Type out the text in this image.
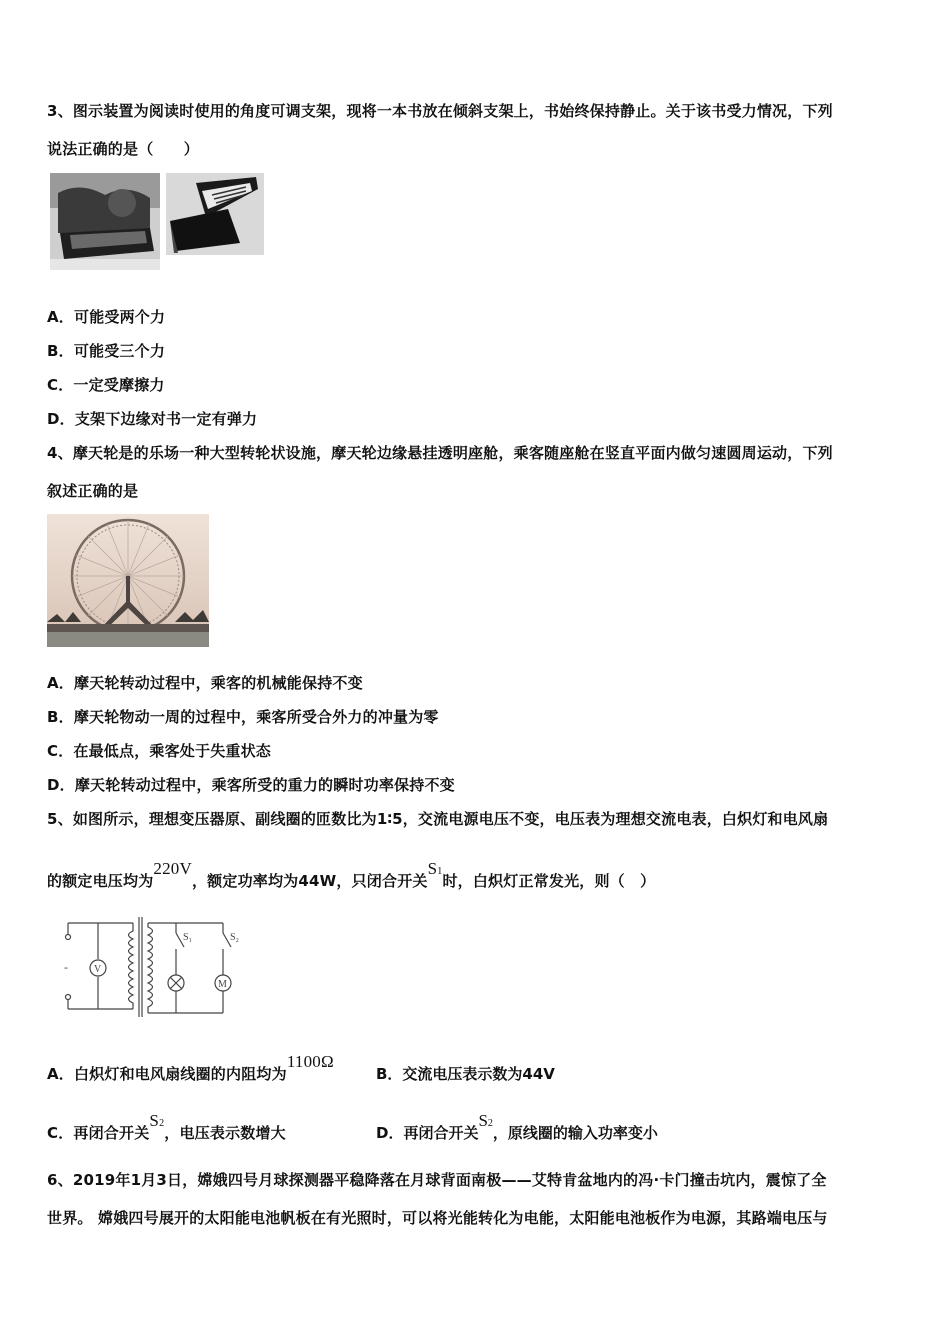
3、图示装置为阅读时使用的角度可调支架，现将一本书放在倾斜支架上，书始终保持静止。关于该书受力情况，下列
说法正确的是（　　）
A．可能受两个力
B．可能受三个力
C．一定受摩擦力
D．支架下边缘对书一定有弹力
4、摩天轮是的乐场一种大型转轮状设施，摩天轮边缘悬挂透明座舱，乘客随座舱在竖直平面内做匀速圆周运动，下列
叙述正确的是
A．摩天轮转动过程中，乘客的机械能保持不变
B．摩天轮物动一周的过程中，乘客所受合外力的冲量为零
C．在最低点，乘客处于失重状态
D．摩天轮转动过程中，乘客所受的重力的瞬时功率保持不变
5、如图所示，理想变压器原、副线圈的匝数比为1∶5，交流电源电压不变，电压表为理想交流电表，白炽灯和电风扇
的额定电压均为220V，额定功率均为44W，只闭合开关S1时，白炽灯正常发光，则（　）
V
M
S₁	S₂
-
A．白炽灯和电风扇线圈的内阻均为1100Ω
B．交流电压表示数为44V
C．再闭合开关S2，电压表示数增大	D．再闭合开关S2，原线圈的输入功率变小
6、2019年1月3日，嫦娥四号月球探测器平稳降落在月球背面南极——艾特肯盆地内的冯·卡门撞击坑内，震惊了全
世界。 嫦娥四号展开的太阳能电池帆板在有光照时，可以将光能转化为电能，太阳能电池板作为电源，其路端电压与
